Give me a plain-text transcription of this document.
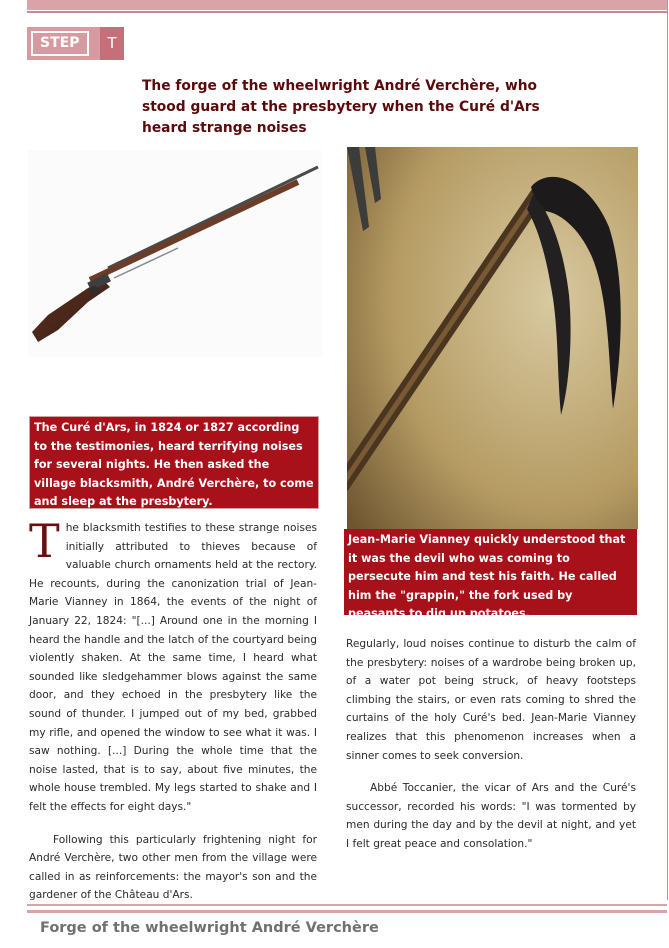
STEP	T
The forge of the wheelwright André Verchère, who stood guard at the presbytery when the Curé d'Ars heard strange noises
The Curé d'Ars, in 1824 or 1827 according to the testimonies, heard terrifying noises for several nights. He then asked the village blacksmith, André Verchère, to come and sleep at the presbytery.
Jean-Marie Vianney quickly understood that it was the devil who was coming to persecute him and test his faith. He called him the "grappin," the fork used by peasants to dig up potatoes.

The blacksmith testifies to these strange noises initially attributed to thieves because of valuable church ornaments held at the rectory. He recounts, during the canonization trial of Jean-Marie Vianney in 1864, the events of the night of January 22, 1824: "[...] Around one in the morning I heard the handle and the latch of the courtyard being violently shaken. At the same time, I heard what sounded like sledgehammer blows against the same door, and they echoed in the presbytery like the sound of thunder. I jumped out of my bed, grabbed my rifle, and opened the window to see what it was. I saw nothing. [...] During the whole time that the noise lasted, that is to say, about five minutes, the whole house trembled. My legs started to shake and I felt the effects for eight days."

Following this particularly frightening night for André Verchère, two other men from the village were called in as reinforcements: the mayor's son and the gardener of the Château d'Ars.

Regularly, loud noises continue to disturb the calm of the presbytery: noises of a wardrobe being broken up, of a water pot being struck, of heavy footsteps climbing the stairs, or even rats coming to shred the curtains of the holy Curé's bed. Jean-Marie Vianney realizes that this phenomenon increases when a sinner comes to seek conversion.

Abbé Toccanier, the vicar of Ars and the Curé's successor, recorded his words: "I was tormented by men during the day and by the devil at night, and yet I felt great peace and consolation."

Forge of the wheelwright André Verchère
